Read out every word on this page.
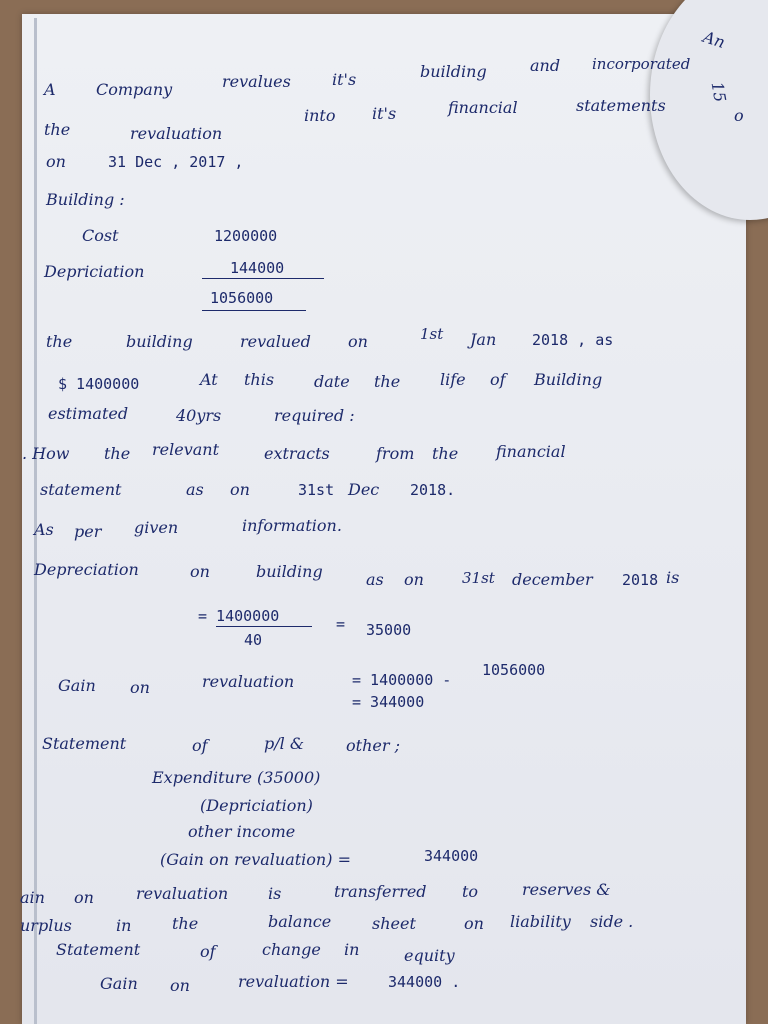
An
15
o
A	Company	revalues	it's	building	and incorporated
the	revaluation
into it's	financial	statements
on	31 Dec , 2017 ,
Building :
Cost	1200000
Depriciation	144000
1056000
the	building	revalued on	1st Jan 2018 , as
$ 1400000	At this date the life of Building
estimated	40yrs	required :
. How the relevant	extracts	from the financial
statement	as on	31st Dec 2018.
As per given	information.
Depreciation	on	building	as on	31st december 2018 is
= 1400000
40
= 35000
Gain on	revaluation	= 1400000 -
1056000
= 344000
Statement	of	p/l &	other ;
Expenditure (35000)
(Depriciation)
other income
(Gain on revaluation) =	344000
ain on	revaluation is	transferred to	reserves &
urplus	in	the	balance	sheet	on liability side .
Statement	of	change in	equity
Gain on	revaluation =	344000 .
